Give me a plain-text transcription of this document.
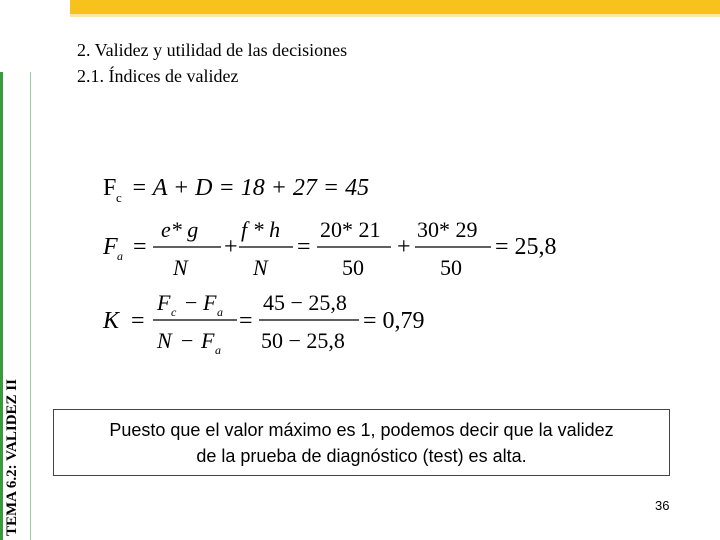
TEMA 6.2: VALIDEZ II
2. Validez y utilidad de las decisiones
2.1. Índices de validez
F c = A + D = 18 + 27 = 45
F a =
e* g
N
+
f * h
N
=
20* 21
50
+
30* 29
50
= 25,8
K =
F c − F a
N − F a
=
45 − 25,8
50 − 25,8
= 0,79
Puesto que el valor máximo es 1, podemos decir que la validez
de la prueba de diagnóstico (test) es alta.
36
